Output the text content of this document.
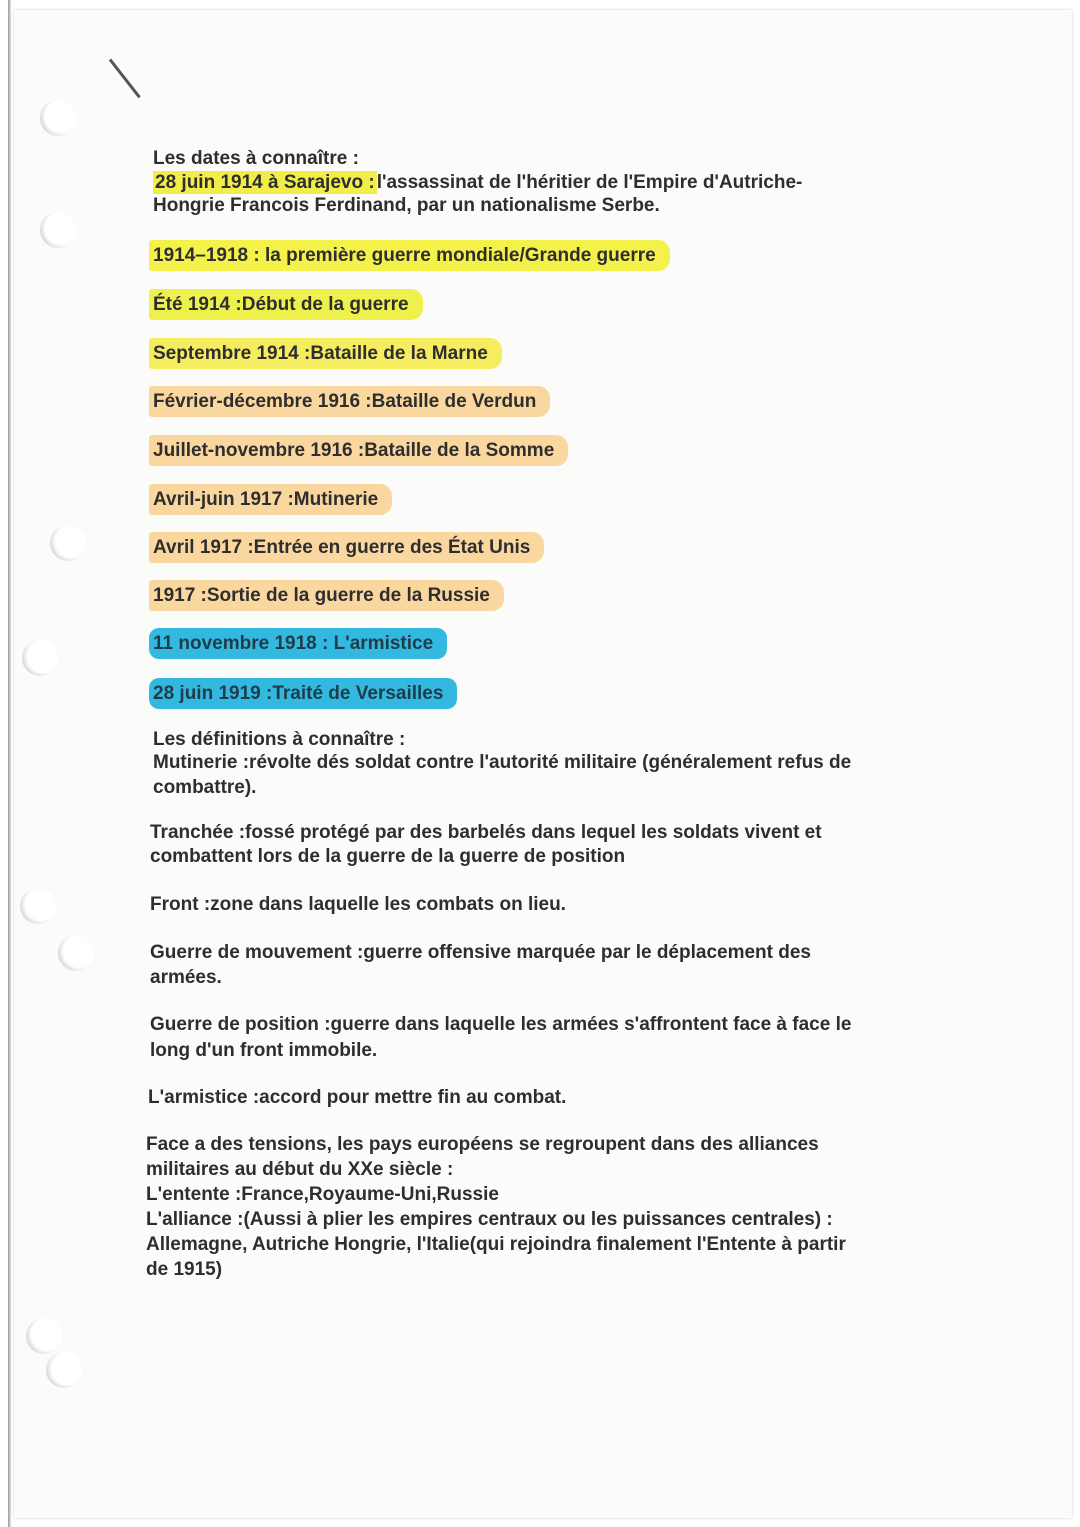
Les dates à connaître :
28 juin 1914 à Sarajevo : l'assassinat de l'héritier de l'Empire d'Autriche-
Hongrie Francois Ferdinand, par un nationalisme Serbe.
1914–1918 : la première guerre mondiale/Grande guerre
Été 1914 :Début de la guerre
Septembre 1914 :Bataille de la Marne
Février-décembre 1916 :Bataille de Verdun
Juillet-novembre 1916 :Bataille de la Somme
Avril-juin 1917 :Mutinerie
Avril 1917 :Entrée en guerre des État Unis
1917 :Sortie de la guerre de la Russie
11 novembre 1918 : L'armistice
28 juin 1919 :Traité de Versailles
Les définitions à connaître :
Mutinerie :révolte dés soldat contre l'autorité militaire (généralement refus de
combattre).
Tranchée :fossé protégé par des barbelés dans lequel les soldats vivent et
combattent lors de la guerre de la guerre de position
Front :zone dans laquelle les combats on lieu.
Guerre de mouvement :guerre offensive marquée par le déplacement des
armées.
Guerre de position :guerre dans laquelle les armées s'affrontent face à face le
long d'un front immobile.
L'armistice :accord pour mettre fin au combat.
Face a des tensions, les pays européens se regroupent dans des alliances
militaires au début du XXe siècle :
L'entente :France,Royaume-Uni,Russie
L'alliance :(Aussi à plier les empires centraux ou les puissances centrales) :
Allemagne, Autriche Hongrie, l'Italie(qui rejoindra finalement l'Entente à partir
de 1915)
